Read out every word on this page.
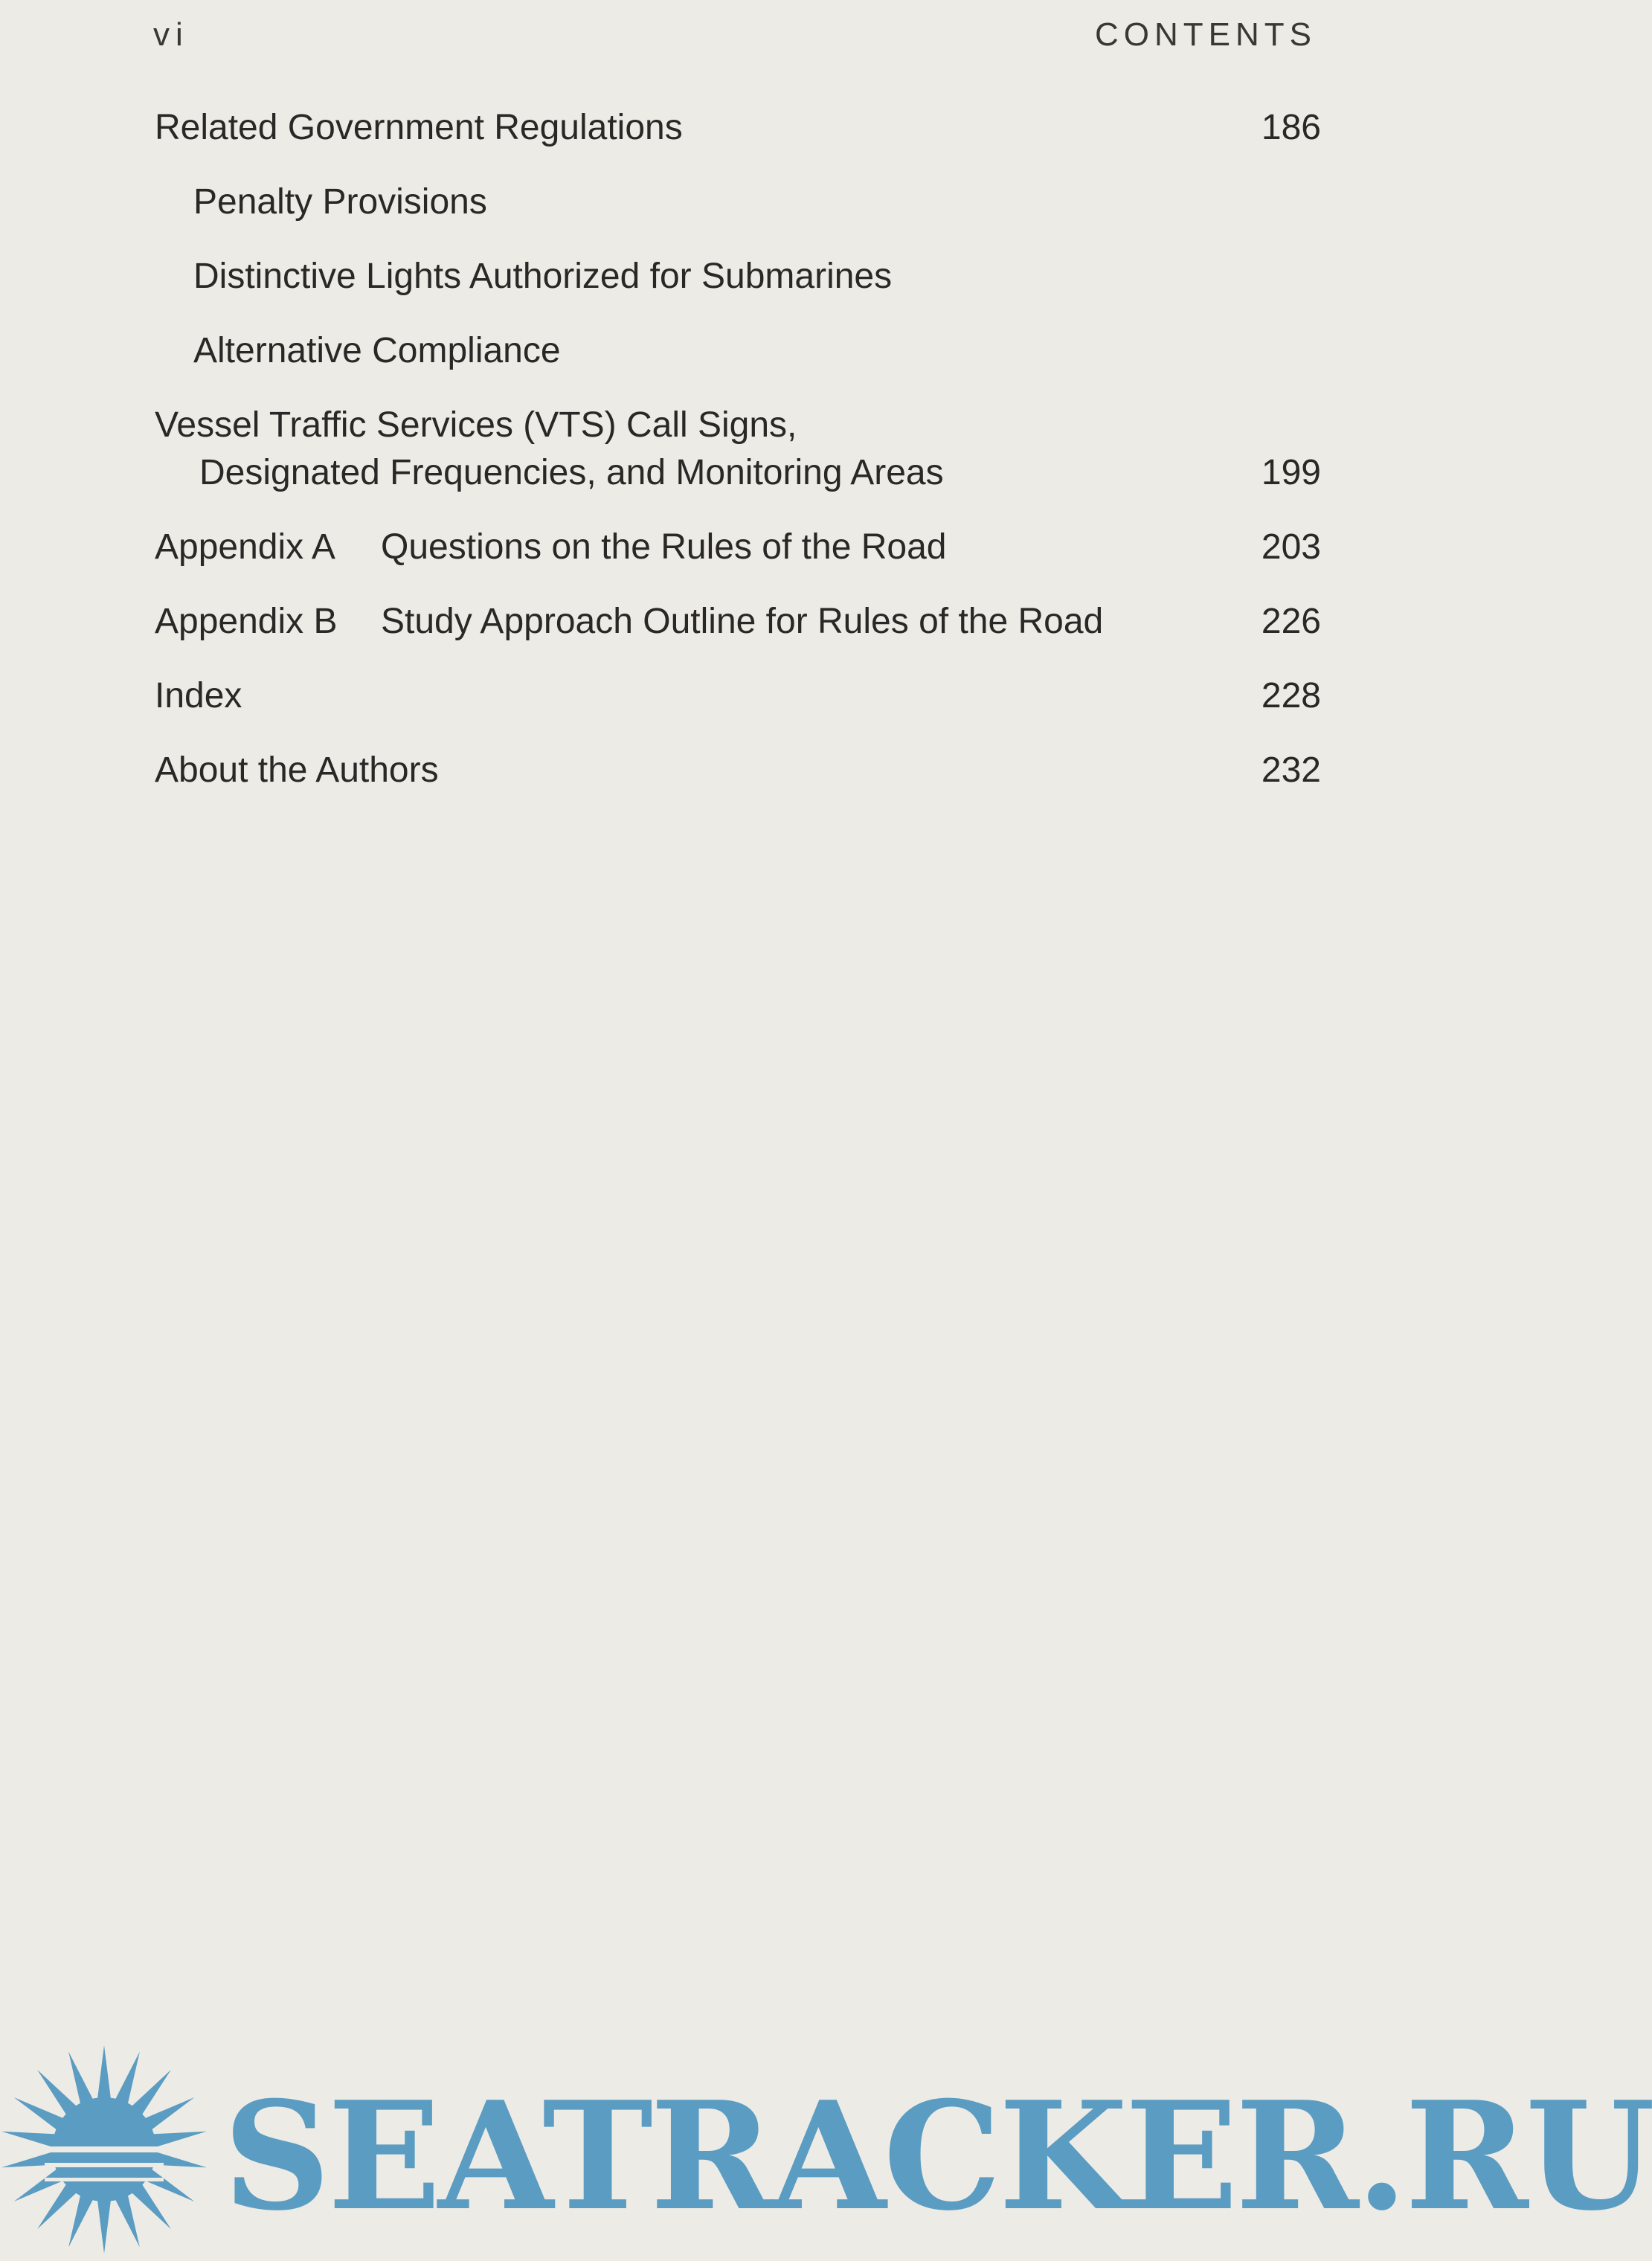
vi	CONTENTS
Related Government Regulations	186
Penalty Provisions
Distinctive Lights Authorized for Submarines
Alternative Compliance
Vessel Traffic Services (VTS) Call Signs,
Designated Frequencies, and Monitoring Areas	199
Appendix A Questions on the Rules of the Road	203
Appendix B Study Approach Outline for Rules of the Road	226
Index	228
About the Authors	232
SEATRACKER.RU
